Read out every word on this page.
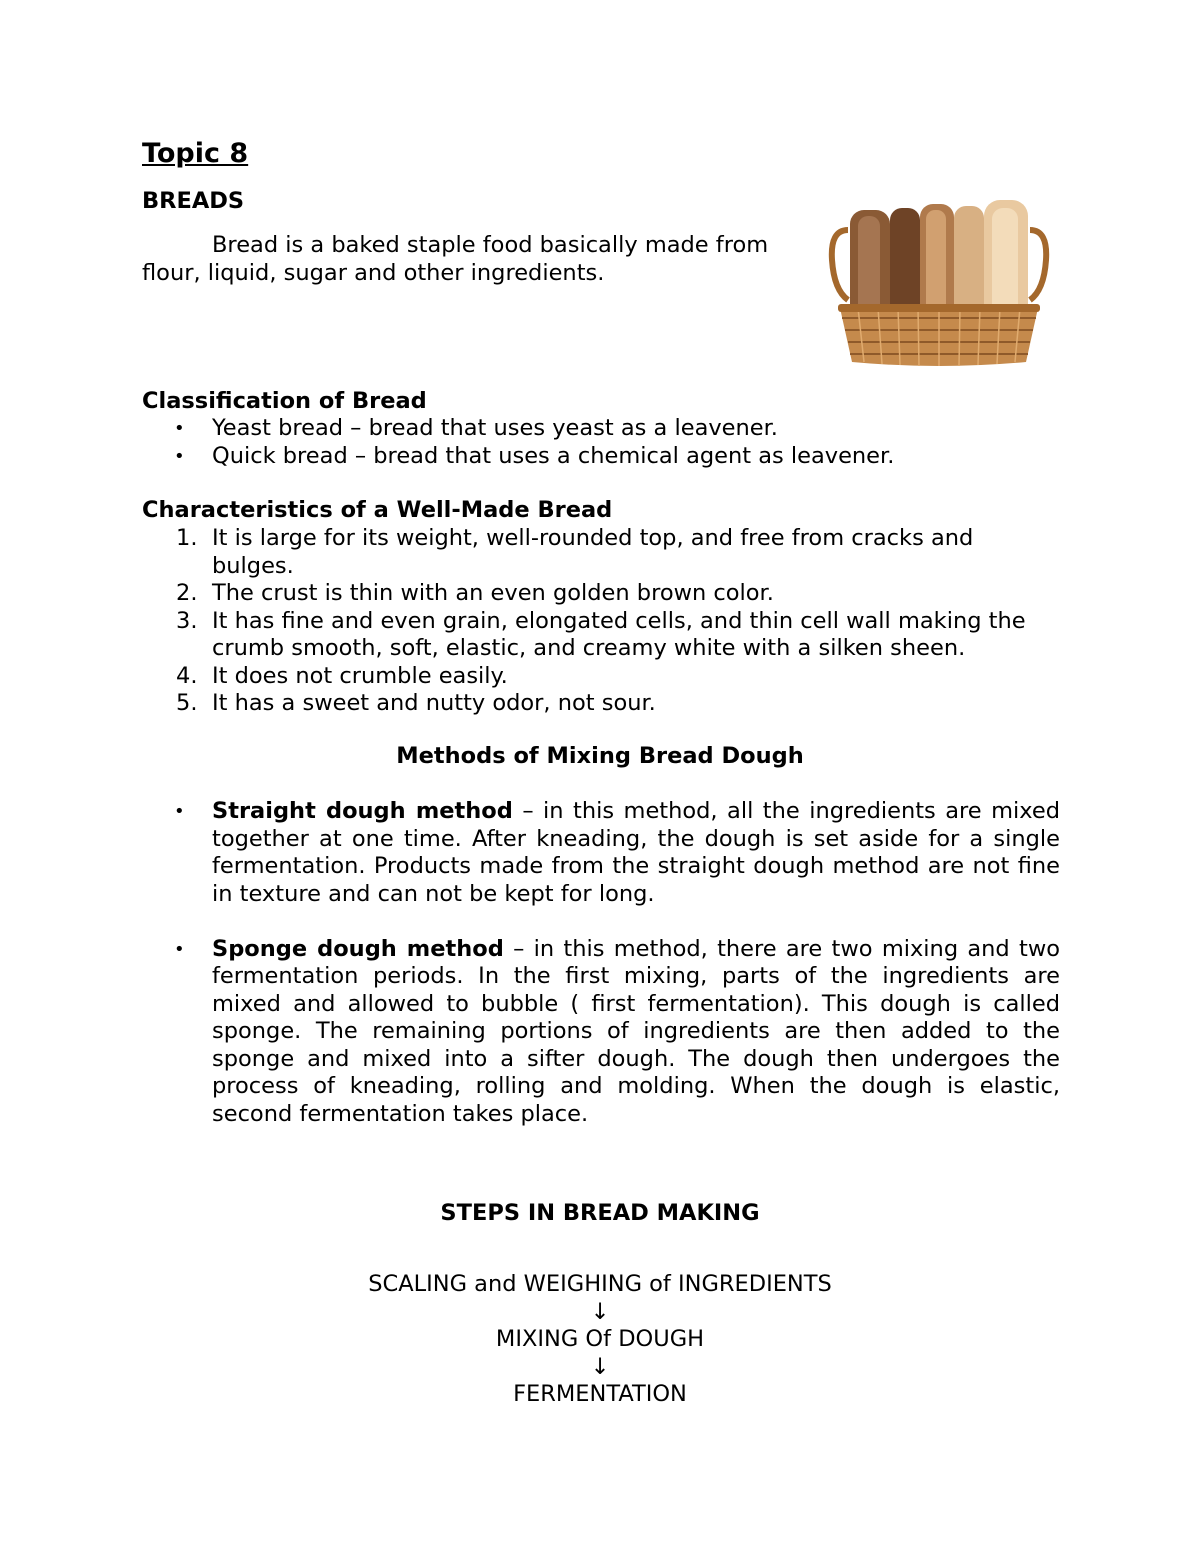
Topic 8
BREADS
Bread is a baked staple food basically made from
flour, liquid, sugar and other ingredients.
Classification of Bread
• Yeast bread – bread that uses yeast as a leavener.
• Quick bread – bread that uses a chemical agent as leavener.
Characteristics of a Well-Made Bread
1. It is large for its weight, well-rounded top, and free from cracks and bulges.
2. The crust is thin with an even golden brown color.
3. It has fine and even grain, elongated cells, and thin cell wall making the crumb smooth, soft, elastic, and creamy white with a silken sheen.
4. It does not crumble easily.
5. It has a sweet and nutty odor, not sour.
Methods of Mixing Bread Dough
• Straight dough method – in this method, all the ingredients are mixed together at one time. After kneading, the dough is set aside for a single fermentation. Products made from the straight dough method are not fine in texture and can not be kept for long.
• Sponge dough method – in this method, there are two mixing and two fermentation periods. In the first mixing, parts of the ingredients are mixed and allowed to bubble ( first fermentation). This dough is called sponge. The remaining portions of ingredients are then added to the sponge and mixed into a sifter dough. The dough then undergoes the process of kneading, rolling and molding. When the dough is elastic, second fermentation takes place.
STEPS IN BREAD MAKING
SCALING and WEIGHING of INGREDIENTS
↓
MIXING Of DOUGH
↓
FERMENTATION
